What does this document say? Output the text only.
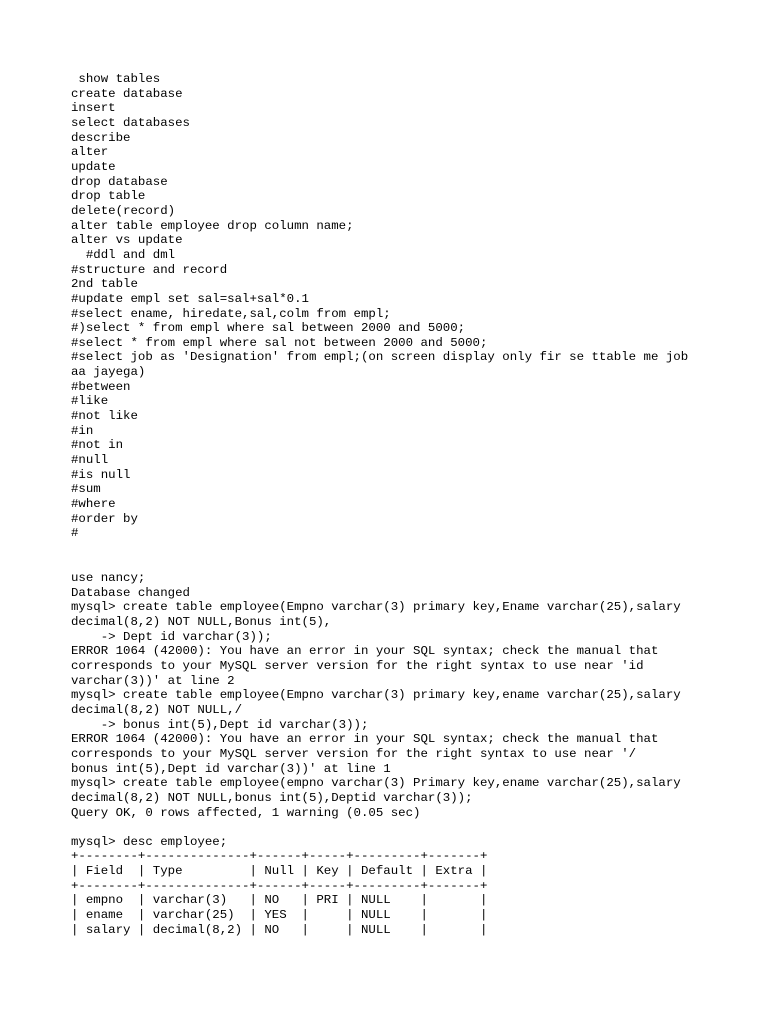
show tables
create database
insert
select databases
describe
alter
update
drop database
drop table
delete(record)
alter table employee drop column name;
alter vs update
#ddl and dml
#structure and record
2nd table
#update empl set sal=sal+sal*0.1
#select ename, hiredate,sal,colm from empl;
#)select * from empl where sal between 2000 and 5000;
#select * from empl where sal not between 2000 and 5000;
#select job as 'Designation' from empl;(on screen display only fir se ttable me job
aa jayega)
#between
#like
#not like
#in
#not in
#null
#is null
#sum
#where
#order by
#
use nancy;
Database changed
mysql> create table employee(Empno varchar(3) primary key,Ename varchar(25),salary
decimal(8,2) NOT NULL,Bonus int(5),
-> Dept id varchar(3));
ERROR 1064 (42000): You have an error in your SQL syntax; check the manual that
corresponds to your MySQL server version for the right syntax to use near 'id
varchar(3))' at line 2
mysql> create table employee(Empno varchar(3) primary key,ename varchar(25),salary
decimal(8,2) NOT NULL,/
-> bonus int(5),Dept id varchar(3));
ERROR 1064 (42000): You have an error in your SQL syntax; check the manual that
corresponds to your MySQL server version for the right syntax to use near '/
bonus int(5),Dept id varchar(3))' at line 1
mysql> create table employee(empno varchar(3) Primary key,ename varchar(25),salary
decimal(8,2) NOT NULL,bonus int(5),Deptid varchar(3));
Query OK, 0 rows affected, 1 warning (0.05 sec)

mysql> desc employee;
+--------+--------------+------+-----+---------+-------+
| Field  | Type         | Null | Key | Default | Extra |
+--------+--------------+------+-----+---------+-------+
| empno  | varchar(3)   | NO   | PRI | NULL    |       |
| ename  | varchar(25)  | YES  |     | NULL    |       |
| salary | decimal(8,2) | NO   |     | NULL    |       |
